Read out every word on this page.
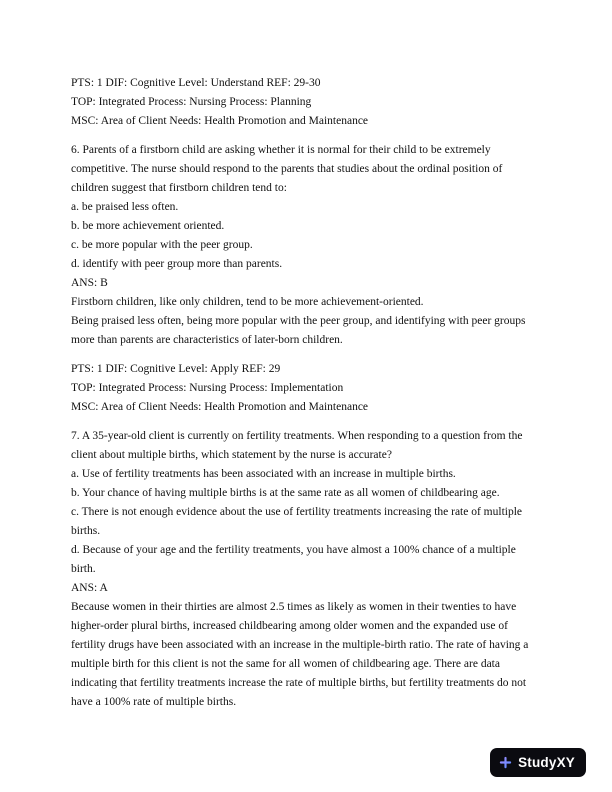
PTS: 1 DIF: Cognitive Level: Understand REF: 29-30
TOP: Integrated Process: Nursing Process: Planning
MSC: Area of Client Needs: Health Promotion and Maintenance
6. Parents of a firstborn child are asking whether it is normal for their child to be extremely
competitive. The nurse should respond to the parents that studies about the ordinal position of
children suggest that firstborn children tend to:
a. be praised less often.
b. be more achievement oriented.
c. be more popular with the peer group.
d. identify with peer group more than parents.
ANS: B
Firstborn children, like only children, tend to be more achievement-oriented.
Being praised less often, being more popular with the peer group, and identifying with peer groups
more than parents are characteristics of later-born children.
PTS: 1 DIF: Cognitive Level: Apply REF: 29
TOP: Integrated Process: Nursing Process: Implementation
MSC: Area of Client Needs: Health Promotion and Maintenance
7. A 35-year-old client is currently on fertility treatments. When responding to a question from the
client about multiple births, which statement by the nurse is accurate?
a. Use of fertility treatments has been associated with an increase in multiple births.
b. Your chance of having multiple births is at the same rate as all women of childbearing age.
c. There is not enough evidence about the use of fertility treatments increasing the rate of multiple
births.
d. Because of your age and the fertility treatments, you have almost a 100% chance of a multiple
birth.
ANS: A
Because women in their thirties are almost 2.5 times as likely as women in their twenties to have
higher-order plural births, increased childbearing among older women and the expanded use of
fertility drugs have been associated with an increase in the multiple-birth ratio. The rate of having a
multiple birth for this client is not the same for all women of childbearing age. There are data
indicating that fertility treatments increase the rate of multiple births, but fertility treatments do not
have a 100% rate of multiple births.
StudyXY
